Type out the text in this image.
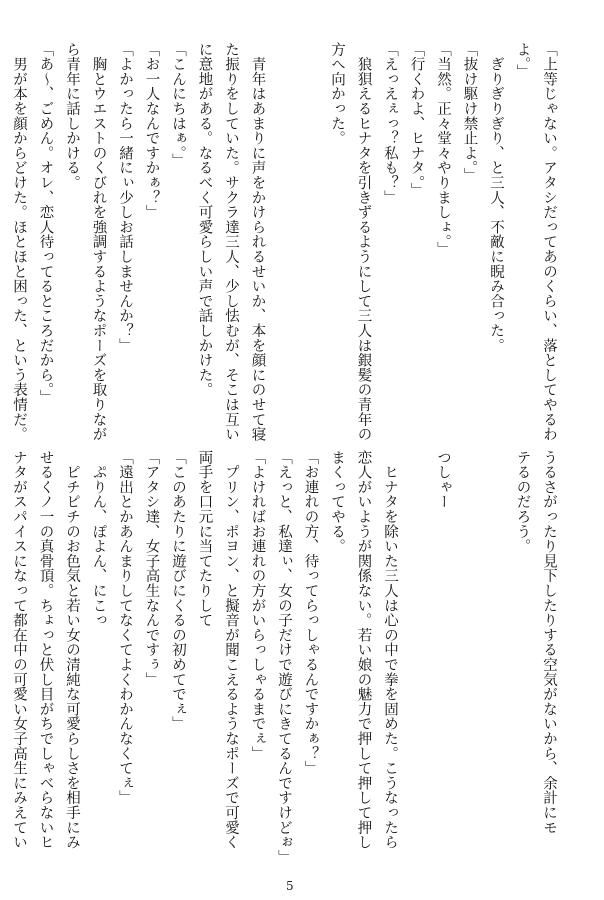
「上等じゃない。アタシだってあのくらい、落としてやるわ
よ。」
　ぎりぎりぎり、と三人、不敵に睨み合った。
「抜け駆け禁止よ。」
「当然。正々堂々やりましょ。」
「行くわよ、ヒナタ。」
「えっえぇっ？私も？」
　狼狽えるヒナタを引きずるようにして三人は銀髪の青年の
方へ向かった。

　青年はあまりに声をかけられるせいか、本を顔にのせて寝
た振りをしていた。サクラ達三人、少し怯むが、そこは互い
に意地がある。なるべく可愛らしい声で話しかけた。
「こんにちはぁ。」
「お一人なんですかぁ？」
「よかったら一緒にぃ少しお話しませんか？」
　胸とウエストのくびれを強調するようなポーズを取りなが
ら青年に話しかける。
「あ～、ごめん。オレ、恋人待ってるところだから。」
　男が本を顔からどけた。ほとほと困った、という表情だ。

うるさがったり見下したりする空気がないから、余計にモ
テるのだろう。

つしゃー

　ヒナタを除いた三人は心の中で拳を固めた。こうなったら
恋人がいようが関係ない。若い娘の魅力で押して押して押し
まくってやる。
「お連れの方、待ってらっしゃるんですかぁ？」
「えっと、私達ぃ、女の子だけで遊びにきてるんですけどぉ」
「よければお連れの方がいらっしゃるまでぇ」
　プリン、ポヨン、と擬音が聞こえるようなポーズで可愛く
両手を口元に当てたりして
「このあたりに遊びにくるの初めてでぇ」
「アタシ達、女子高生なんですぅ」
「遠出とかあんまりしてなくてよくわかんなくてぇ」
　ぷりん、ぽよん、にこっ
　ピチピチのお色気と若い女の清純な可愛らしさを相手にみ
せるくノ一の真骨頂。ちょっと伏し目がちでしゃべらないヒ
ナタがスパイスになって都在中の可愛い女子高生にみえてい
5
